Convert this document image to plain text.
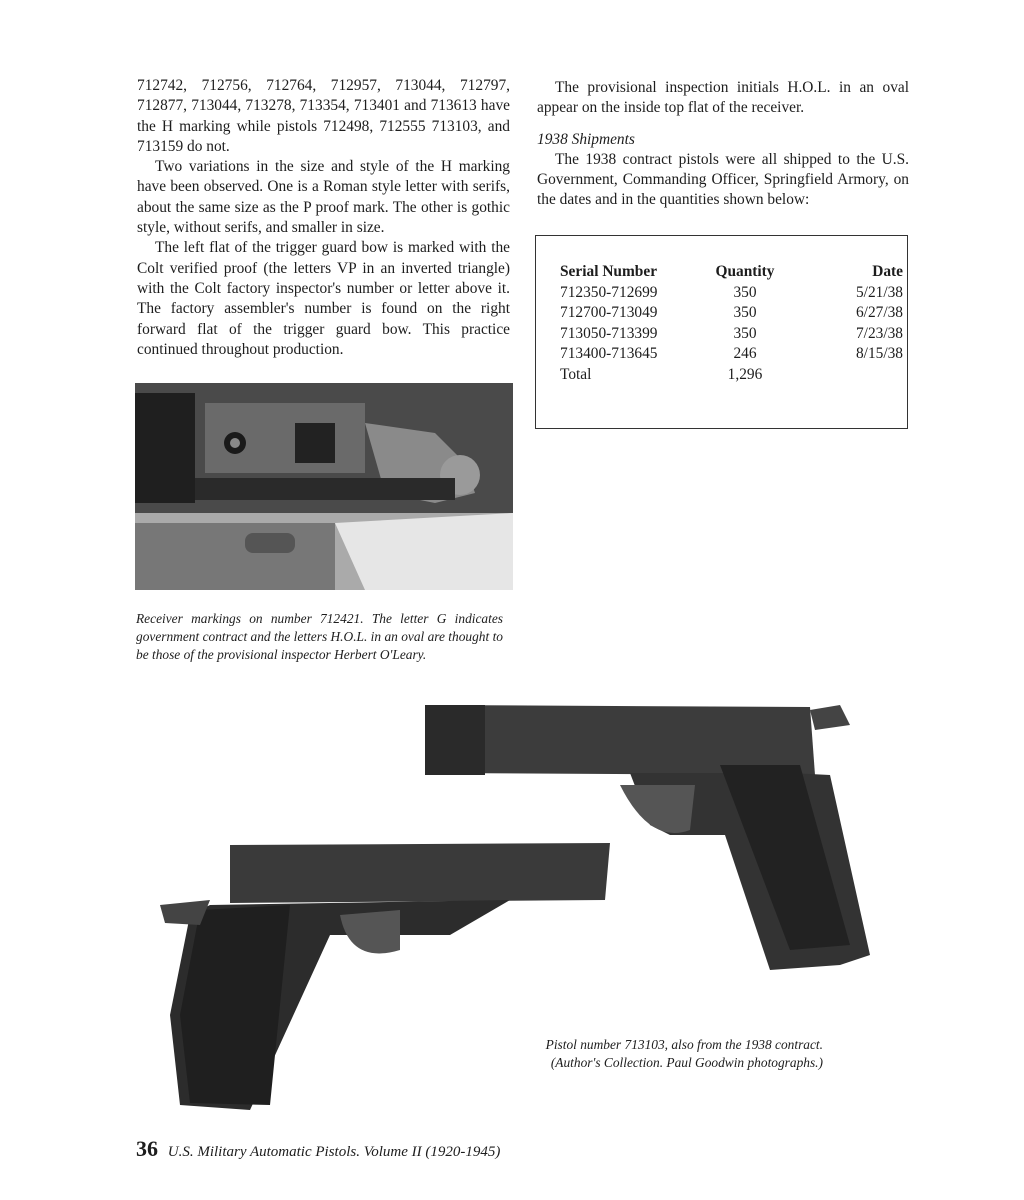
712742, 712756, 712764, 712957, 713044, 712797, 712877, 713044, 713278, 713354, 713401 and 713613 have the H marking while pistols 712498, 712555 713103, and 713159 do not.

Two variations in the size and style of the H marking have been observed. One is a Roman style letter with serifs, about the same size as the P proof mark. The other is gothic style, without serifs, and smaller in size.

The left flat of the trigger guard bow is marked with the Colt verified proof (the letters VP in an inverted triangle) with the Colt factory inspector's number or letter above it. The factory assembler's number is found on the right forward flat of the trigger guard bow. This practice continued throughout production.

Receiver markings on number 712421. The letter G indicates government contract and the letters H.O.L. in an oval are thought to be those of the provisional inspector Herbert O'Leary.

The provisional inspection initials H.O.L. in an oval appear on the inside top flat of the receiver.

1938 Shipments

The 1938 contract pistols were all shipped to the U.S. Government, Commanding Officer, Springfield Armory, on the dates and in the quantities shown below:

Serial Number	Quantity	Date
712350-712699	350	5/21/38
712700-713049	350	6/27/38
713050-713399	350	7/23/38
713400-713645	246	8/15/38
Total	1,296	
Pistol number 713103, also from the 1938 contract.
(Author's Collection. Paul Goodwin photographs.)
36 U.S. Military Automatic Pistols. Volume II (1920-1945)
